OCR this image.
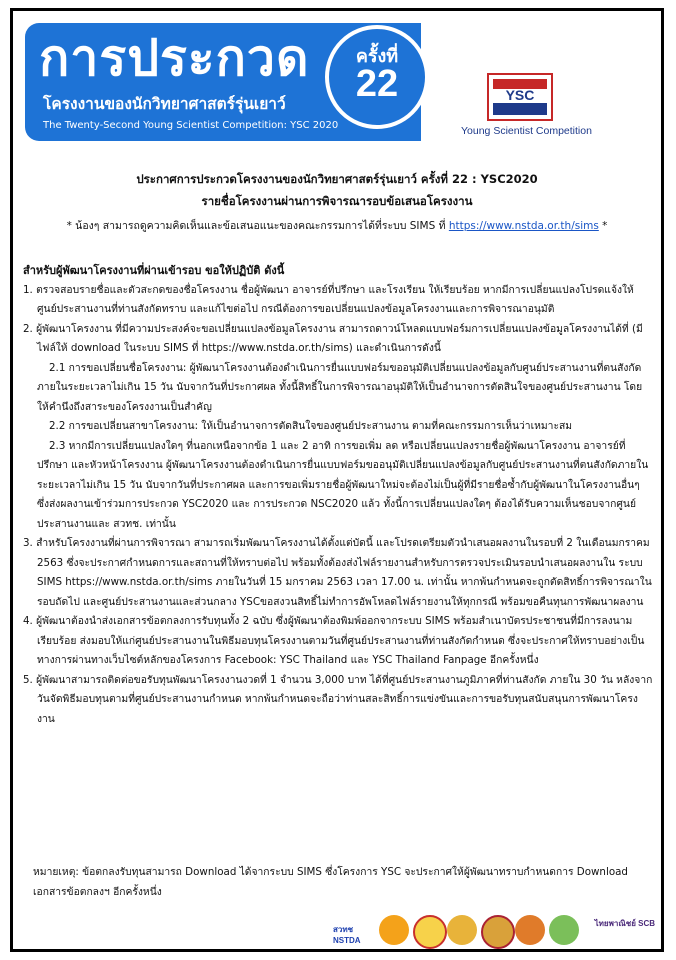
การประกวด
โครงงานของนักวิทยาศาสตร์รุ่นเยาว์
The Twenty-Second Young Scientist Competition: YSC 2020
ครั้งที่
22	YSC
Young Scientist Competition
ประกาศการประกวดโครงงานของนักวิทยาศาสตร์รุ่นเยาว์ ครั้งที่ 22 : YSC2020
รายชื่อโครงงานผ่านการพิจารณารอบข้อเสนอโครงงาน
* น้องๆ สามารถดูความคิดเห็นและข้อเสนอแนะของคณะกรรมการได้ที่ระบบ SIMS ที่ https://www.nstda.or.th/sims *

สำหรับผู้พัฒนาโครงงานที่ผ่านเข้ารอบ ขอให้ปฏิบัติ ดังนี้

1. ตรวจสอบรายชื่อและตัวสะกดของชื่อโครงงาน ชื่อผู้พัฒนา อาจารย์ที่ปรึกษา และโรงเรียน ให้เรียบร้อย หากมีการเปลี่ยนแปลงโปรดแจ้งให้ศูนย์ประสานงานที่ท่านสังกัดทราบ และแก้ไขต่อไป กรณีต้องการขอเปลี่ยนแปลงข้อมูลโครงงานและการพิจารณาอนุมัติ

2. ผู้พัฒนาโครงงาน ที่มีความประสงค์จะขอเปลี่ยนแปลงข้อมูลโครงงาน สามารถดาวน์โหลดแบบฟอร์มการเปลี่ยนแปลงข้อมูลโครงงานได้ที่ (มีไฟล์ให้ download ในระบบ SIMS ที่ https://www.nstda.or.th/sims) และดำเนินการดังนี้

2.1 การขอเปลี่ยนชื่อโครงงาน: ผู้พัฒนาโครงงานต้องดำเนินการยื่นแบบฟอร์มขออนุมัติเปลี่ยนแปลงข้อมูลกับศูนย์ประสานงานที่ตนสังกัดภายในระยะเวลาไม่เกิน 15 วัน นับจากวันที่ประกาศผล ทั้งนี้สิทธิ์ในการพิจารณาอนุมัติให้เป็นอำนาจการตัดสินใจของศูนย์ประสานงาน โดยให้คำนึงถึงสาระของโครงงานเป็นสำคัญ

2.2 การขอเปลี่ยนสาขาโครงงาน: ให้เป็นอำนาจการตัดสินใจของศูนย์ประสานงาน ตามที่คณะกรรมการเห็นว่าเหมาะสม

2.3 หากมีการเปลี่ยนแปลงใดๆ ที่นอกเหนือจากข้อ 1 และ 2 อาทิ การขอเพิ่ม ลด หรือเปลี่ยนแปลงรายชื่อผู้พัฒนาโครงงาน อาจารย์ที่ปรึกษา และหัวหน้าโครงงาน ผู้พัฒนาโครงงานต้องดำเนินการยื่นแบบฟอร์มขออนุมัติเปลี่ยนแปลงข้อมูลกับศูนย์ประสานงานที่ตนสังกัดภายในระยะเวลาไม่เกิน 15 วัน นับจากวันที่ประกาศผล และการขอเพิ่มรายชื่อผู้พัฒนาใหม่จะต้องไม่เป็นผู้ที่มีรายชื่อซ้ำกับผู้พัฒนาในโครงงานอื่นๆ ซึ่งส่งผลงานเข้าร่วมการประกวด YSC2020 และ การประกวด NSC2020 แล้ว ทั้งนี้การเปลี่ยนแปลงใดๆ ต้องได้รับความเห็นชอบจากศูนย์ประสานงานและ สวทช. เท่านั้น

3. สำหรับโครงงานที่ผ่านการพิจารณา สามารถเริ่มพัฒนาโครงงานได้ตั้งแต่บัดนี้ และโปรดเตรียมตัวนำเสนอผลงานในรอบที่ 2 ในเดือนมกราคม 2563 ซึ่งจะประกาศกำหนดการและสถานที่ให้ทราบต่อไป พร้อมทั้งต้องส่งไฟล์รายงานสำหรับการตรวจประเมินรอบนำเสนอผลงานใน ระบบ SIMS https://www.nstda.or.th/sims ภายในวันที่ 15 มกราคม 2563 เวลา 17.00 น. เท่านั้น หากพ้นกำหนดจะถูกตัดสิทธิ์การพิจารณาในรอบถัดไป และศูนย์ประสานงานและส่วนกลาง YSCขอสงวนสิทธิ์ไม่ทำการอัพโหลดไฟล์รายงานให้ทุกกรณี พร้อมขอคืนทุนการพัฒนาผลงาน

4. ผู้พัฒนาต้องนำส่งเอกสารข้อตกลงการรับทุนทั้ง 2 ฉบับ ซึ่งผู้พัฒนาต้องพิมพ์ออกจากระบบ SIMS พร้อมสำเนาบัตรประชาชนที่มีการลงนามเรียบร้อย ส่งมอบให้แก่ศูนย์ประสานงานในพิธีมอบทุนโครงงานตามวันที่ศูนย์ประสานงานที่ท่านสังกัดกำหนด ซึ่งจะประกาศให้ทราบอย่างเป็นทางการผ่านทางเว็บไซต์หลักของโครงการ Facebook: YSC Thailand และ YSC Thailand Fanpage อีกครั้งหนึ่ง

5. ผู้พัฒนาสามารถติดต่อขอรับทุนพัฒนาโครงงานงวดที่ 1 จำนวน 3,000 บาท ได้ที่ศูนย์ประสานงานภูมิภาคที่ท่านสังกัด ภายใน 30 วัน หลังจากวันจัดพิธีมอบทุนตามที่ศูนย์ประสานงานกำหนด หากพ้นกำหนดจะถือว่าท่านสละสิทธิ์การแข่งขันและการขอรับทุนสนับสนุนการพัฒนาโครงงาน

หมายเหตุ: ข้อตกลงรับทุนสามารถ Download ได้จากระบบ SIMS ซึ่งโครงการ YSC จะประกาศให้ผู้พัฒนาทราบกำหนดการ Download เอกสารข้อตกลงฯ อีกครั้งหนึ่ง
สวทช NSTDA
ไทยพาณิชย์ SCB
